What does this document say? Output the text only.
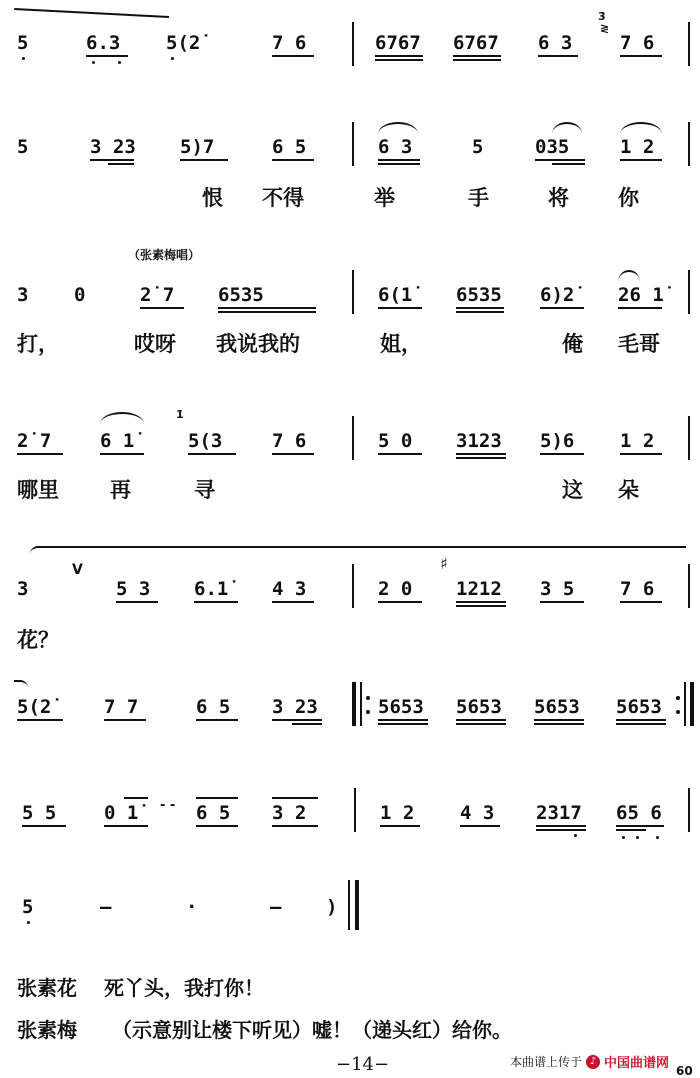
5	6.3 5(2̇	7 6	6767 6767 6 3
3̇
≷
7 6
5	3 23 5)7	6 5	6 3	5	035	1 2
恨 不得	举	手	将 你
（张素梅唱）
3 0	2̇ 7 6535	6(1̇ 6535 6)2̇ 26 1̇
打，	哎呀 我说我的	姐，	俺 毛哥
2̇ 7	6 1̇
1̇
5(3	7 6	5 0 3123 5)6 1 2
哪里 再	寻	这 朵
3
V
5 3 6.1̇ 4 3	2 0
♯
1212 3 5 7 6
花？
5(2̇	7 7	6 5 3 23	5653 5653 5653 5653
5 5	0 1̇ - - 6 5 3 2	1 2 4 3 2317 65 6
5	—	·	— )
张素花 死丫头，我打你！
张素梅 （示意别让楼下听见）嘘！（递头红）给你。
−14−	本曲谱上传于 ♪ 中国曲谱网 60
